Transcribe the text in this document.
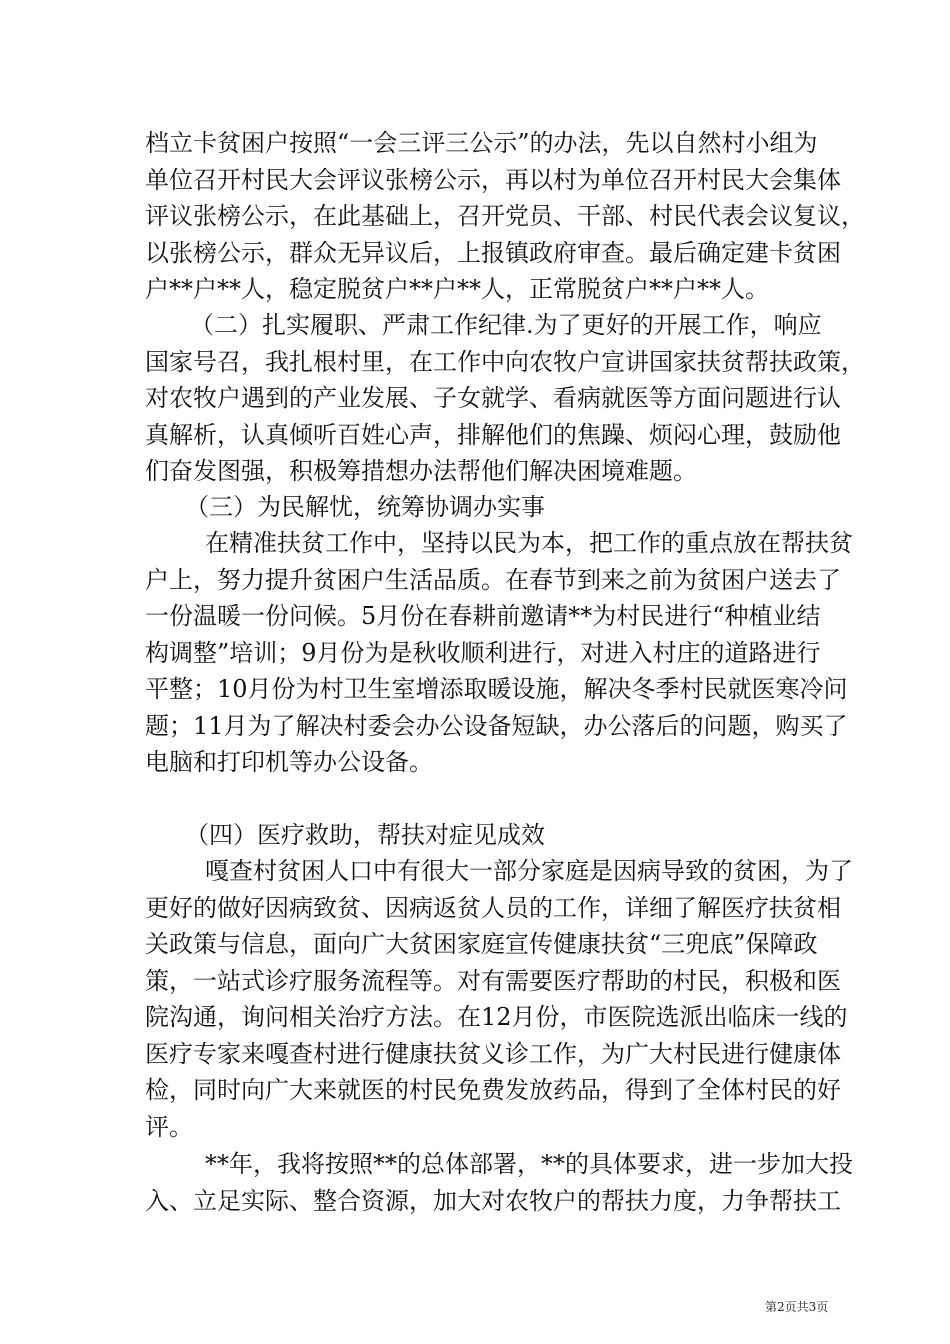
档立卡贫困户按照“一会三评三公示”的办法，先以自然村小组为
单位召开村民大会评议张榜公示，再以村为单位召开村民大会集体
评议张榜公示，在此基础上，召开党员、干部、村民代表会议复议，
以张榜公示，群众无异议后，上报镇政府审查。最后确定建卡贫困
户**户**人，稳定脱贫户**户**人，正常脱贫户**户**人。
（二）扎实履职、严肃工作纪律.为了更好的开展工作，响应
国家号召，我扎根村里，在工作中向农牧户宣讲国家扶贫帮扶政策，
对农牧户遇到的产业发展、子女就学、看病就医等方面问题进行认
真解析，认真倾听百姓心声，排解他们的焦躁、烦闷心理，鼓励他
们奋发图强，积极筹措想办法帮他们解决困境难题。
（三）为民解忧，统筹协调办实事
在精准扶贫工作中，坚持以民为本，把工作的重点放在帮扶贫
户上，努力提升贫困户生活品质。在春节到来之前为贫困户送去了
一份温暖一份问候。5月份在春耕前邀请**为村民进行“种植业结
构调整”培训；9月份为是秋收顺利进行，对进入村庄的道路进行
平整；10月份为村卫生室增添取暖设施，解决冬季村民就医寒冷问
题；11月为了解决村委会办公设备短缺，办公落后的问题，购买了
电脑和打印机等办公设备。
（四）医疗救助，帮扶对症见成效
嘎查村贫困人口中有很大一部分家庭是因病导致的贫困，为了
更好的做好因病致贫、因病返贫人员的工作，详细了解医疗扶贫相
关政策与信息，面向广大贫困家庭宣传健康扶贫“三兜底”保障政
策，一站式诊疗服务流程等。对有需要医疗帮助的村民，积极和医
院沟通，询问相关治疗方法。在12月份，市医院选派出临床一线的
医疗专家来嘎查村进行健康扶贫义诊工作，为广大村民进行健康体
检，同时向广大来就医的村民免费发放药品，得到了全体村民的好
评。
**年，我将按照**的总体部署，**的具体要求，进一步加大投
入、立足实际、整合资源，加大对农牧户的帮扶力度，力争帮扶工
第2页共3页
